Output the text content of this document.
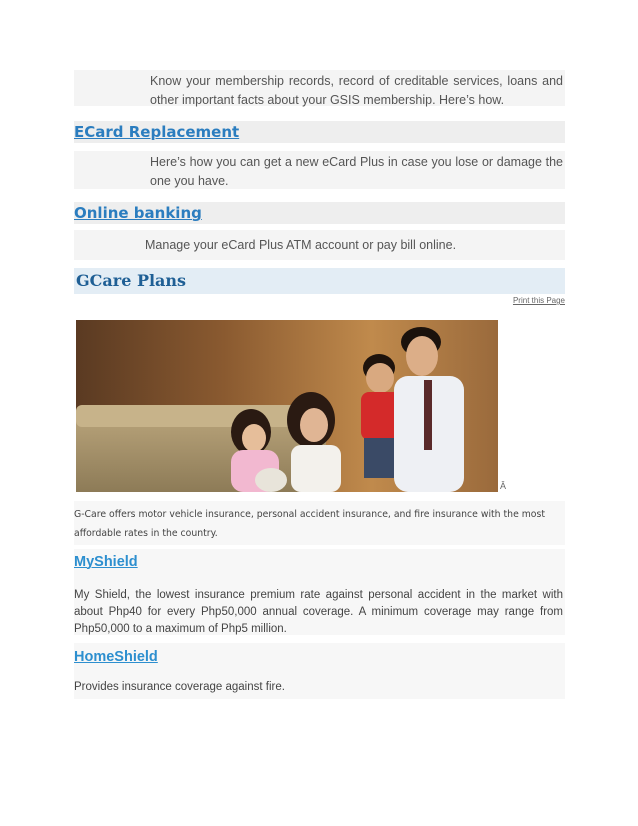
Know your membership records, record of creditable services, loans and other important facts about your GSIS membership. Here’s how.
ECard Replacement
Here’s how you can get a new eCard Plus in case you lose or damage the one you have.
Online banking
Manage your eCard Plus ATM account or pay bill online.
GCare Plans
Print this Page
Â
G-Care offers motor vehicle insurance, personal accident insurance, and fire insurance with the most affordable rates in the country.
MyShield
My Shield, the lowest insurance premium rate against personal accident in the market with about Php40 for every Php50,000 annual coverage. A minimum coverage may range from Php50,000 to a maximum of Php5 million.
HomeShield
Provides insurance coverage against fire.
